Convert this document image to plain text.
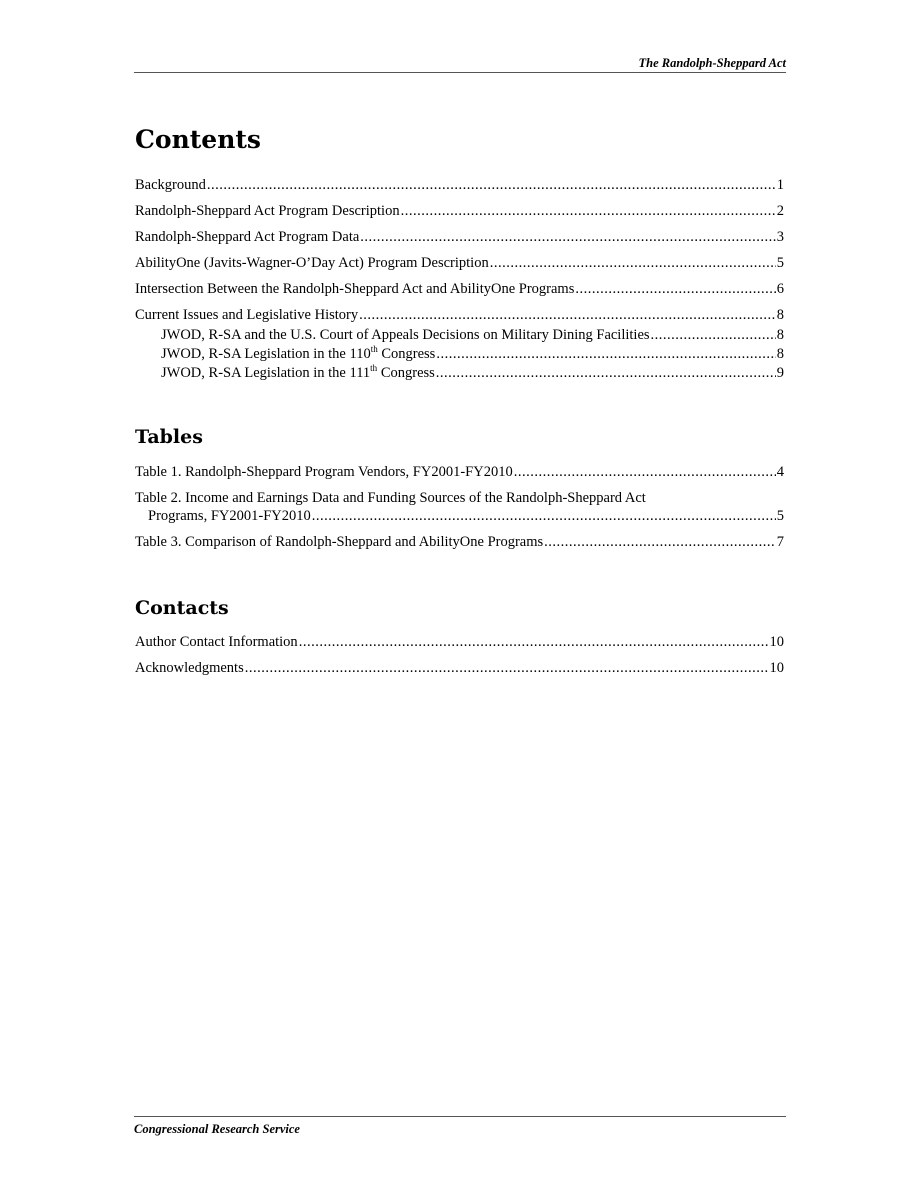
The Randolph-Sheppard Act
Contents
Background .....	1
Randolph-Sheppard Act Program Description .....	2
Randolph-Sheppard Act Program Data .....	3
AbilityOne (Javits-Wagner-O’Day Act) Program Description .....	5
Intersection Between the Randolph-Sheppard Act and AbilityOne Programs .....	6
Current Issues and Legislative History .....	8
JWOD, R-SA and the U.S. Court of Appeals Decisions on Military Dining Facilities .....	8
JWOD, R-SA Legislation in the 110th Congress .....	8
JWOD, R-SA Legislation in the 111th Congress .....	9
Tables
Table 1. Randolph-Sheppard Program Vendors, FY2001-FY2010 .....	4
Table 2. Income and Earnings Data and Funding Sources of the Randolph-Sheppard Act
Programs, FY2001-FY2010 .....	5
Table 3. Comparison of Randolph-Sheppard and AbilityOne Programs .....	7
Contacts
Author Contact Information .....	10
Acknowledgments .....	10
Congressional Research Service
